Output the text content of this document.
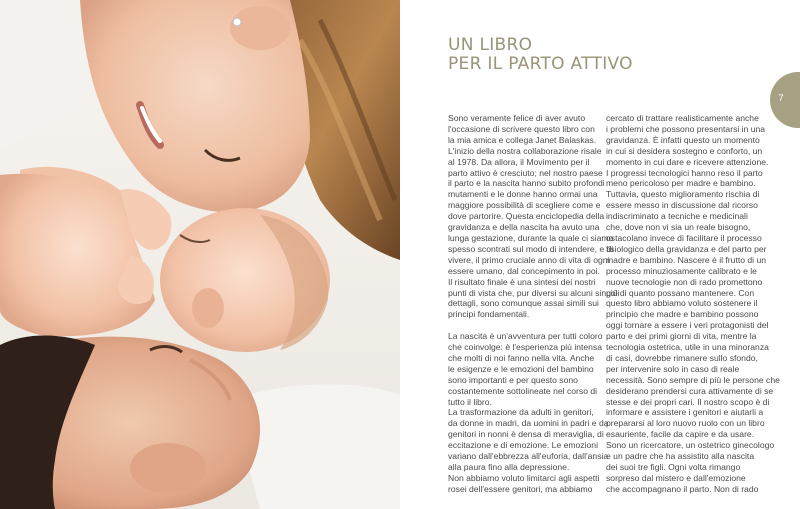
UN LIBRO
PER IL PARTO ATTIVO
7

Sono veramente felice di aver avuto

l'occasione di scrivere questo libro con

la mia amica e collega Janet Balaskas.

L'inizio della nostra collaborazione risale

al 1978. Da allora, il Movimento per il

parto attivo è cresciuto; nel nostro paese

il parto e la nascita hanno subito profondi

mutamenti e le donne hanno ormai una

maggiore possibilità di scegliere come e

dove partorire. Questa enciclopedia della

gravidanza e della nascita ha avuto una

lunga gestazione, durante la quale ci siamo

spesso scontrati sul modo di intendere, e di

vivere, il primo cruciale anno di vita di ogni

essere umano, dal concepimento in poi.

Il risultato finale è una sintesi dei nostri

punti di vista che, pur diversi su alcuni singoli

dettagli, sono comunque assai simili sui

principi fondamentali.

La nascita è un'avventura per tutti coloro

che coinvolge: è l'esperienza più intensa

che molti di noi fanno nella vita. Anche

le esigenze e le emozioni del bambino

sono importanti e per questo sono

costantemente sottolineate nel corso di

tutto il libro.

La trasformazione da adulti in genitori,

da donne in madri, da uomini in padri e da

genitori in nonni è densa di meraviglia, di

eccitazione e di emozione. Le emozioni

variano dall'ebbrezza all'euforia, dall'ansia

alla paura fino alla depressione.

Non abbiamo voluto limitarci agli aspetti

rosei dell'essere genitori, ma abbiamo

cercato di trattare realisticamente anche

i problemi che possono presentarsi in una

gravidanza. È infatti questo un momento

in cui si desidera sostegno e conforto, un

momento in cui dare e ricevere attenzione.

I progressi tecnologici hanno reso il parto

meno pericoloso per madre e bambino.

Tuttavia, questo miglioramento rischia di

essere messo in discussione dal ricorso

indiscriminato a tecniche e medicinali

che, dove non vi sia un reale bisogno,

ostacolano invece di facilitare il processo

fisiologico della gravidanza e del parto per

madre e bambino. Nascere è il frutto di un

processo minuziosamente calibrato e le

nuove tecnologie non di rado promettono

più di quanto possano mantenere. Con

questo libro abbiamo voluto sostenere il

principio che madre e bambino possono

oggi tornare a essere i veri protagonisti del

parto e dei primi giorni di vita, mentre la

tecnologia ostetrica, utile in una minoranza

di casi, dovrebbe rimanere sullo sfondo,

per intervenire solo in caso di reale

necessità. Sono sempre di più le persone che

desiderano prendersi cura attivamente di se

stesse e dei propri cari. Il nostro scopo è di

informare e assistere i genitori e aiutarli a

prepararsi al loro nuovo ruolo con un libro

esauriente, facile da capire e da usare.

Sono un ricercatore, un ostetrico ginecologo

e un padre che ha assistito alla nascita

dei suoi tre figli. Ogni volta rimango

sorpreso dal mistero e dall'emozione

che accompagnano il parto. Non di rado
